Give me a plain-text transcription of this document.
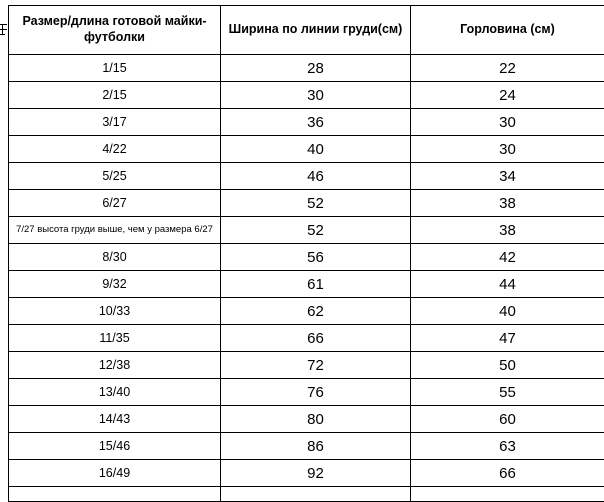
Размер/длина готовой майки-футболки	Ширина по линии груди(см)	Горловина (см)
1/15	28	22
2/15	30	24
3/17	36	30
4/22	40	30
5/25	46	34
6/27	52	38
7/27 высота груди выше, чем у размера 6/27	52	38
8/30	56	42
9/32	61	44
10/33	62	40
11/35	66	47
12/38	72	50
13/40	76	55
14/43	80	60
15/46	86	63
16/49	92	66
